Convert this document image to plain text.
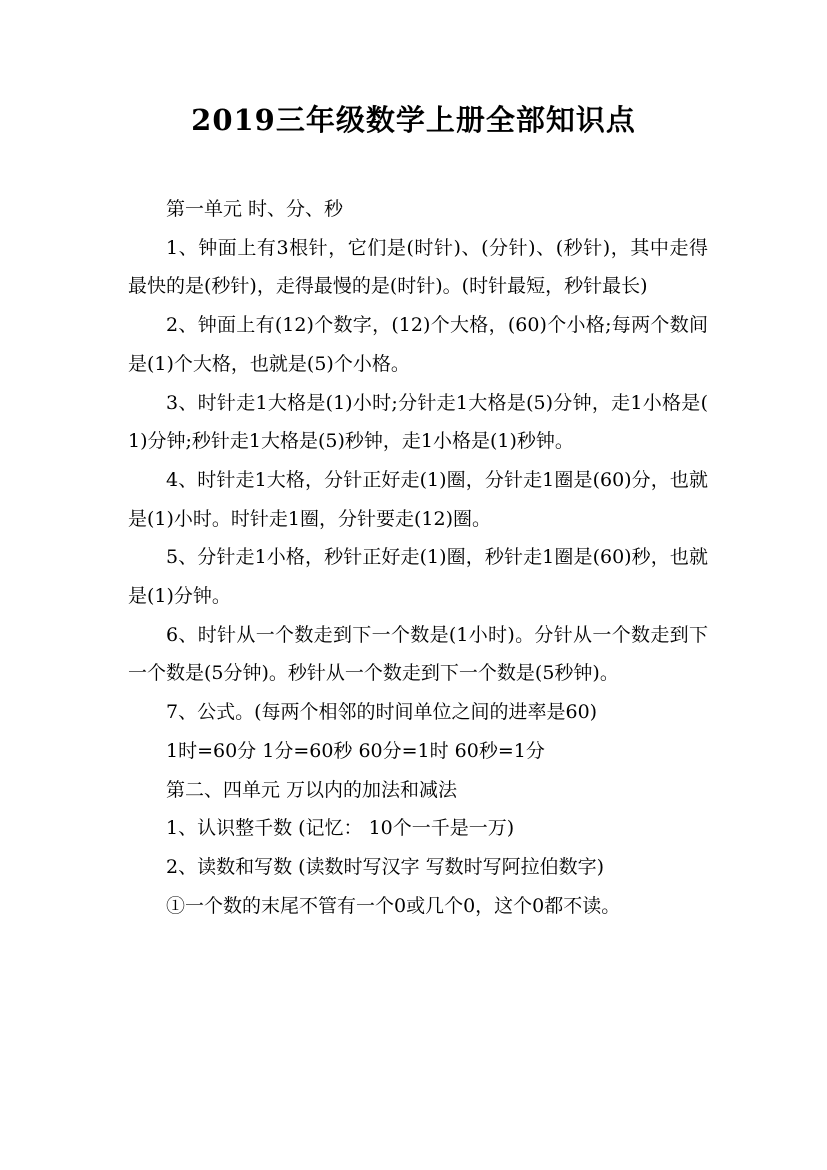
2019三年级数学上册全部知识点

第一单元 时、分、秒

1、钟面上有3根针，它们是(时针)、(分针)、(秒针)，其中走得最快的是(秒针)，走得最慢的是(时针)。(时针最短，秒针最长)

2、钟面上有(12)个数字，(12)个大格，(60)个小格;每两个数间是(1)个大格，也就是(5)个小格。

3、时针走1大格是(1)小时;分针走1大格是(5)分钟，走1小格是( 1)分钟;秒针走1大格是(5)秒钟，走1小格是(1)秒钟。

4、时针走1大格，分针正好走(1)圈，分针走1圈是(60)分，也就是(1)小时。时针走1圈，分针要走(12)圈。

5、分针走1小格，秒针正好走(1)圈，秒针走1圈是(60)秒，也就是(1)分钟。

6、时针从一个数走到下一个数是(1小时)。分针从一个数走到下一个数是(5分钟)。秒针从一个数走到下一个数是(5秒钟)。

7、公式。(每两个相邻的时间单位之间的进率是60)

1时=60分 1分=60秒 60分=1时 60秒=1分

第二、四单元 万以内的加法和减法

1、认识整千数 (记忆： 10个一千是一万)

2、读数和写数 (读数时写汉字 写数时写阿拉伯数字)

①一个数的末尾不管有一个0或几个0，这个0都不读。
